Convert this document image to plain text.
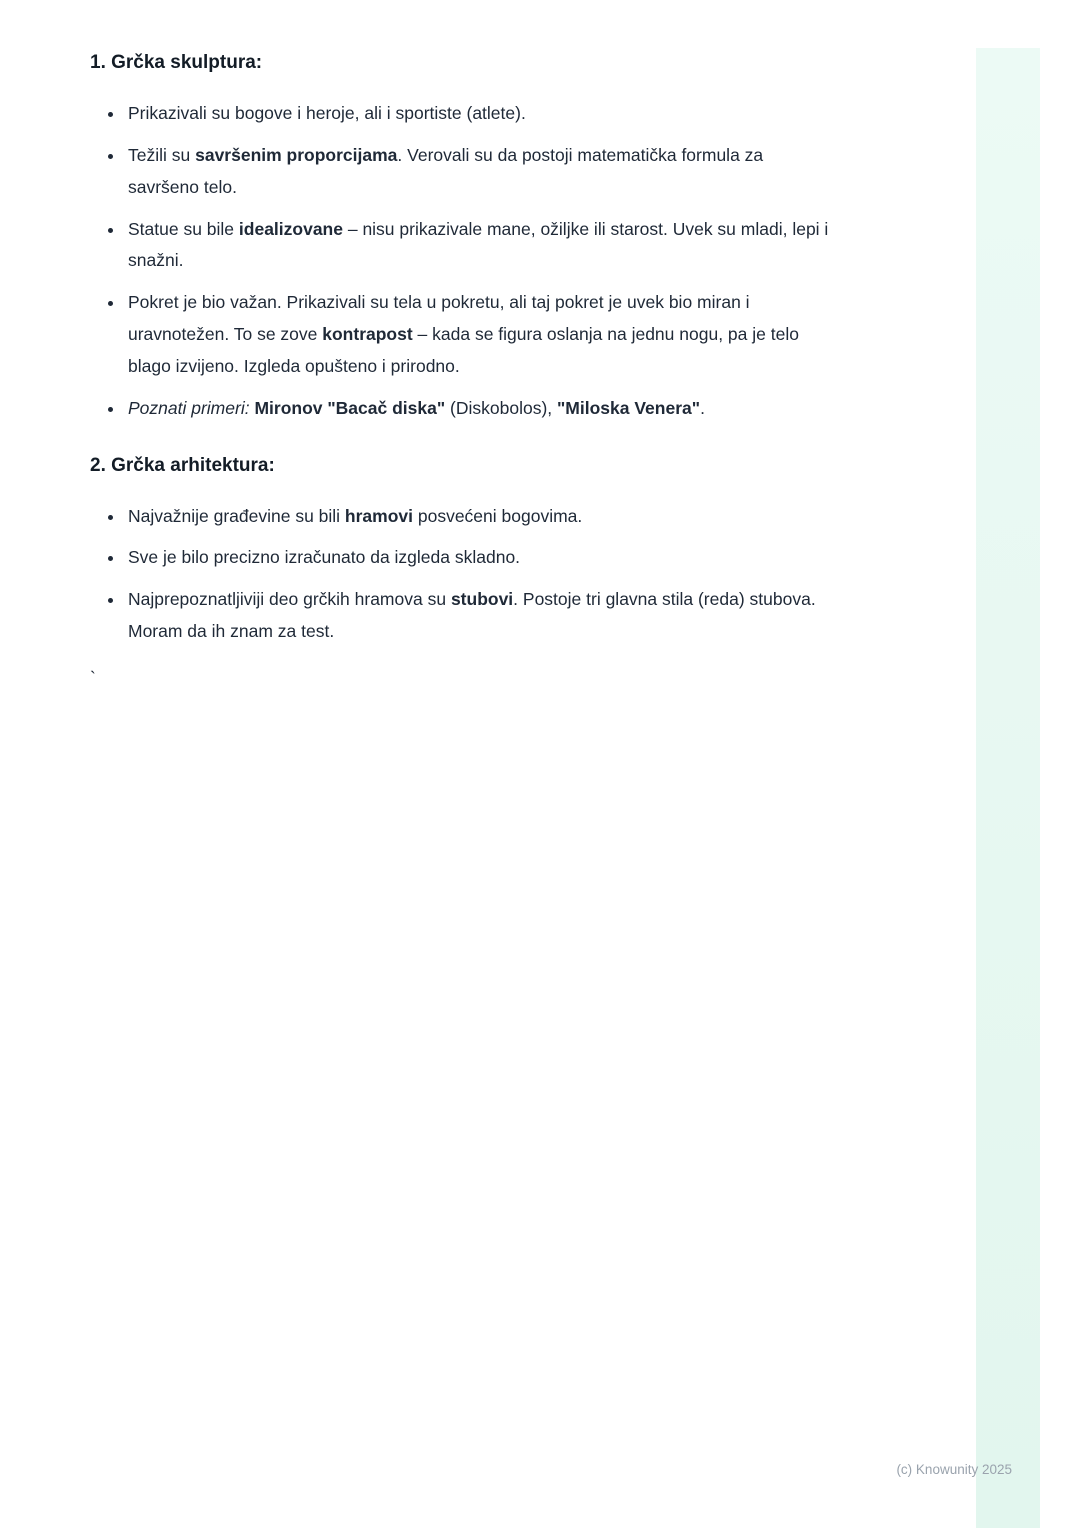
1. Grčka skulptura:
• Prikazivali su bogove i heroje, ali i sportiste (atlete).
• Težili su savršenim proporcijama. Verovali su da postoji matematička formula za savršeno telo.
• Statue su bile idealizovane – nisu prikazivale mane, ožiljke ili starost. Uvek su mladi, lepi i snažni.
• Pokret je bio važan. Prikazivali su tela u pokretu, ali taj pokret je uvek bio miran i uravnotežen. To se zove kontrapost – kada se figura oslanja na jednu nogu, pa je telo blago izvijeno. Izgleda opušteno i prirodno.
• Poznati primeri: Mironov "Bacač diska" (Diskobolos), "Miloska Venera".
2. Grčka arhitektura:
• Najvažnije građevine su bili hramovi posvećeni bogovima.
• Sve je bilo precizno izračunato da izgleda skladno.
• Najprepoznatljiviji deo grčkih hramova su stubovi. Postoje tri glavna stila (reda) stubova. Moram da ih znam za test.
`
(c) Knowunity 2025
